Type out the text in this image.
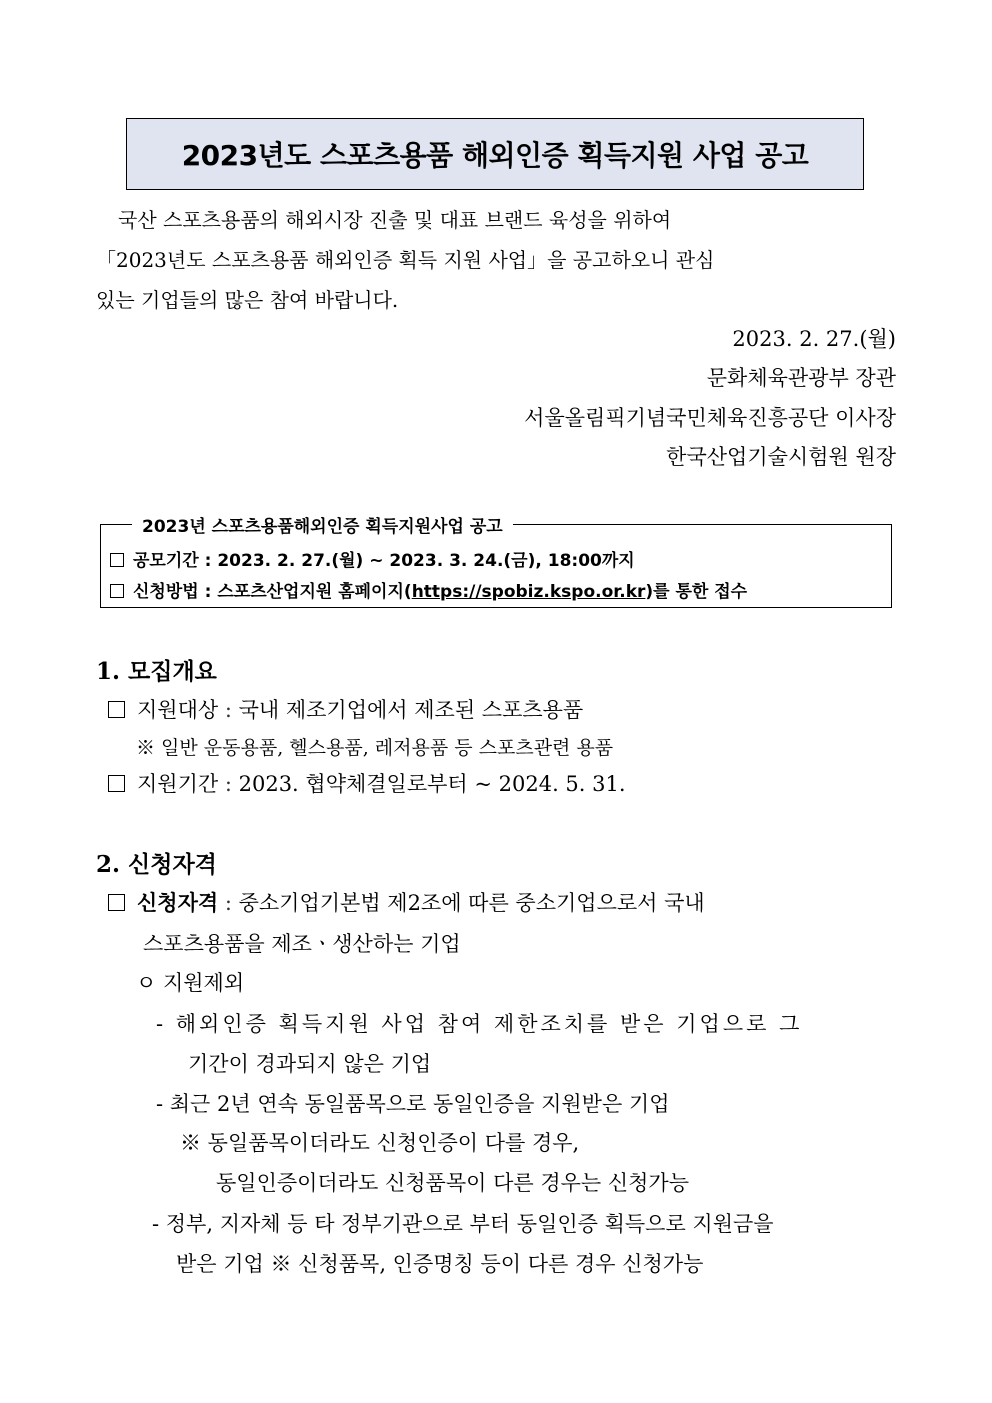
2023년도 스포츠용품 해외인증 획득지원 사업 공고
국산 스포츠용품의 해외시장 진출 및 대표 브랜드 육성을 위하여
「2023년도 스포츠용품 해외인증 획득 지원 사업」을 공고하오니 관심
있는 기업들의 많은 참여 바랍니다.
2023. 2. 27.(월)
문화체육관광부 장관
서울올림픽기념국민체육진흥공단 이사장
한국산업기술시험원 원장
2023년 스포츠용품해외인증 획득지원사업 공고
공모기간 : 2023. 2. 27.(월) ~ 2023. 3. 24.(금), 18:00까지
신청방법 : 스포츠산업지원 홈페이지(https://spobiz.kspo.or.kr)를 통한 접수
1. 모집개요
지원대상 : 국내 제조기업에서 제조된 스포츠용품
※ 일반 운동용품, 헬스용품, 레저용품 등 스포츠관련 용품
지원기간 : 2023. 협약체결일로부터 ~ 2024. 5. 31.
2. 신청자격
신청자격 : 중소기업기본법 제2조에 따른 중소기업으로서 국내
스포츠용품을 제조ㆍ생산하는 기업
ㅇ 지원제외
- 해외인증 획득지원 사업 참여 제한조치를 받은 기업으로 그
기간이 경과되지 않은 기업
- 최근 2년 연속 동일품목으로 동일인증을 지원받은 기업
※ 동일품목이더라도 신청인증이 다를 경우,
동일인증이더라도 신청품목이 다른 경우는 신청가능
- 정부, 지자체 등 타 정부기관으로 부터 동일인증 획득으로 지원금을
받은 기업 ※ 신청품목, 인증명칭 등이 다른 경우 신청가능
